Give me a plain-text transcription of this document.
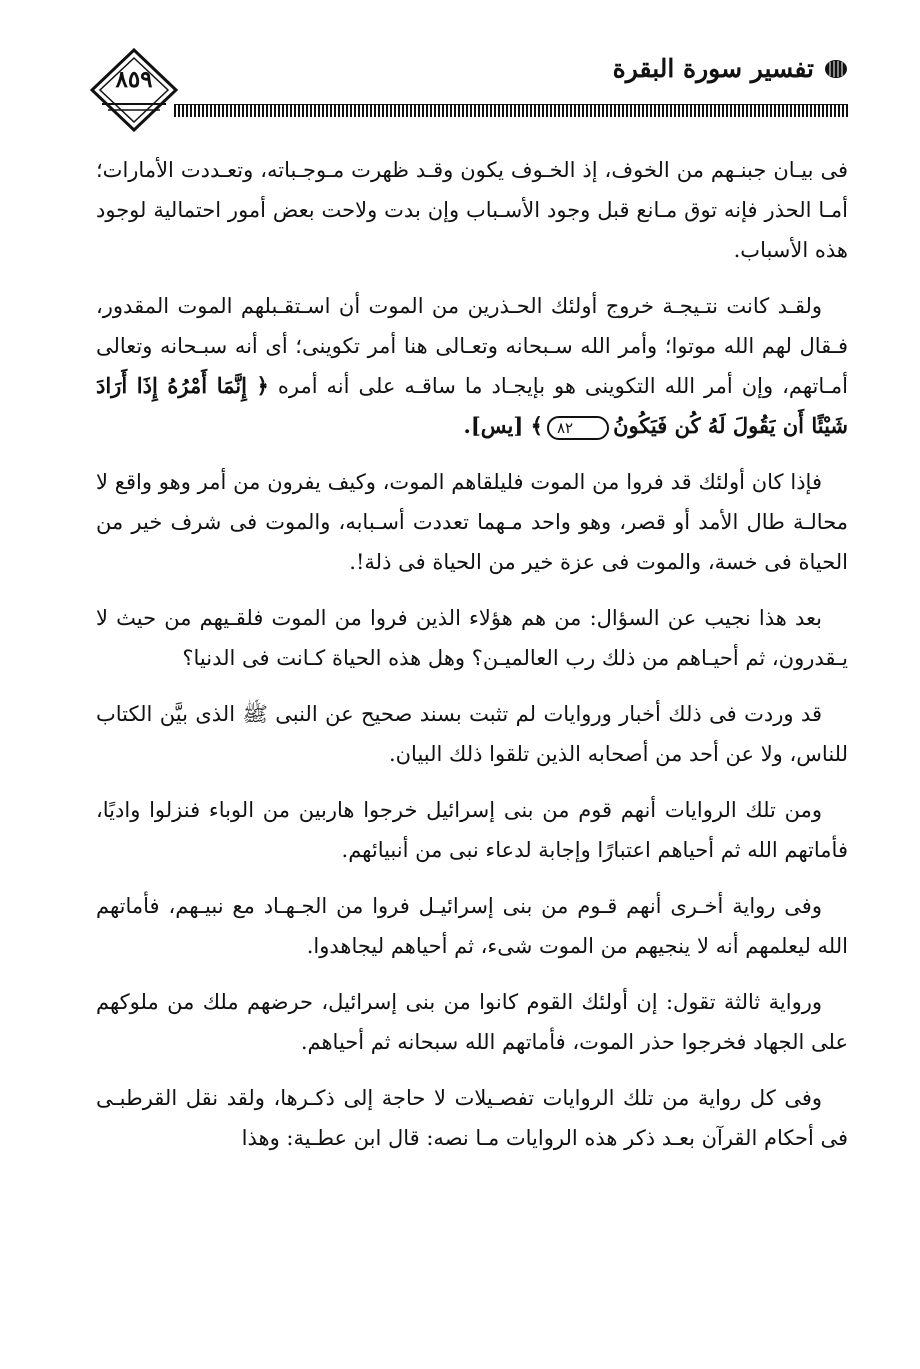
٨٥٩	تفسير سورة البقرة

فى بيـان جبنـهم من الخوف، إذ الخـوف يكون وقـد ظهرت مـوجـباته، وتعـددت الأمارات؛ أمـا الحذر فإنه توق مـانع قبل وجود الأسـباب وإن بدت ولاحت بعض أمور احتمالية لوجود هذه الأسباب.

ولقـد كانت نتـيجـة خروج أولئك الحـذرين من الموت أن اسـتقـبلهم الموت المقدور، فـقال لهم الله موتوا؛ وأمر الله سـبحانه وتعـالى هنا أمر تكوينى؛ أى أنه سبـحانه وتعالى أمـاتهم، وإن أمر الله التكوينى هو بإيجـاد ما ساقـه على أنه أمره ﴿ إِنَّمَا أَمْرُهُ إِذَا أَرَادَ شَيْئًا أَن يَقُولَ لَهُ كُن فَيَكُونُ٨٢﴾ [يس].

فإذا كان أولئك قد فروا من الموت فليلقاهم الموت، وكيف يفرون من أمر وهو واقع لا محالـة طال الأمد أو قصر، وهو واحد مـهما تعددت أسـبابه، والموت فى شرف خير من الحياة فى خسة، والموت فى عزة خير من الحياة فى ذلة!.

بعد هذا نجيب عن السؤال: من هم هؤلاء الذين فروا من الموت فلقـيهم من حيث لا يـقدرون، ثم أحيـاهم من ذلك رب العالميـن؟ وهل هذه الحياة كـانت فى الدنيا؟

قد وردت فى ذلك أخبار وروايات لم تثبت بسند صحيح عن النبى ﷺ الذى بيَّن الكتاب للناس، ولا عن أحد من أصحابه الذين تلقوا ذلك البيان.

ومن تلك الروايات أنهم قوم من بنى إسرائيل خرجوا هاربين من الوباء فنزلوا واديًا، فأماتهم الله ثم أحياهم اعتبارًا وإجابة لدعاء نبى من أنبيائهم.

وفى رواية أخـرى أنهم قـوم من بنى إسرائيـل فروا من الجـهـاد مع نبيـهم، فأماتهم الله ليعلمهم أنه لا ينجيهم من الموت شىء، ثم أحياهم ليجاهدوا.

ورواية ثالثة تقول: إن أولئك القوم كانوا من بنى إسرائيل، حرضهم ملك من ملوكهم على الجهاد فخرجوا حذر الموت، فأماتهم الله سبحانه ثم أحياهم.

وفى كل رواية من تلك الروايات تفصـيلات لا حاجة إلى ذكـرها، ولقد نقل القرطبـى فى أحكام القرآن بعـد ذكر هذه الروايات مـا نصه: قال ابن عطـية: وهذا
